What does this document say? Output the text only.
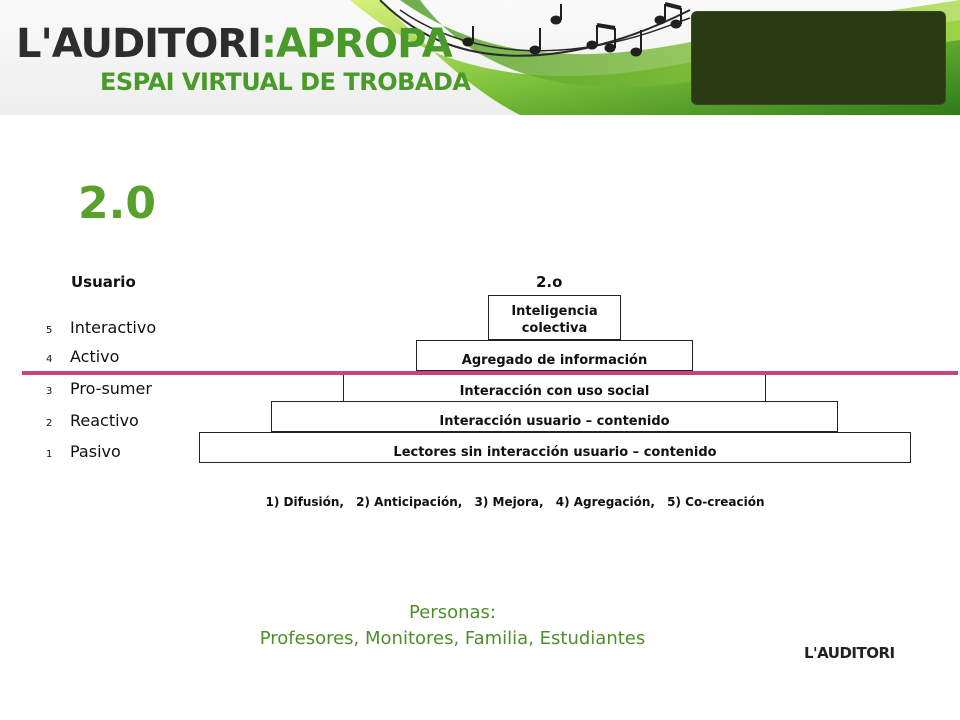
L'AUDITORI:APROPA
ESPAI VIRTUAL DE TROBADA
2.0
Usuario	2.o
5 Interactivo
4 Activo
3 Pro-sumer
2 Reactivo
1 Pasivo	Lectores sin interacción usuario – contenido
Interacción usuario – contenido
Interacción con uso social
Agregado de información
Inteligencia colectiva
1) Difusión, 2) Anticipación, 3) Mejora, 4) Agregación, 5) Co-creación
Personas:
Profesores, Monitores, Familia, Estudiantes
L'AUDITORI
